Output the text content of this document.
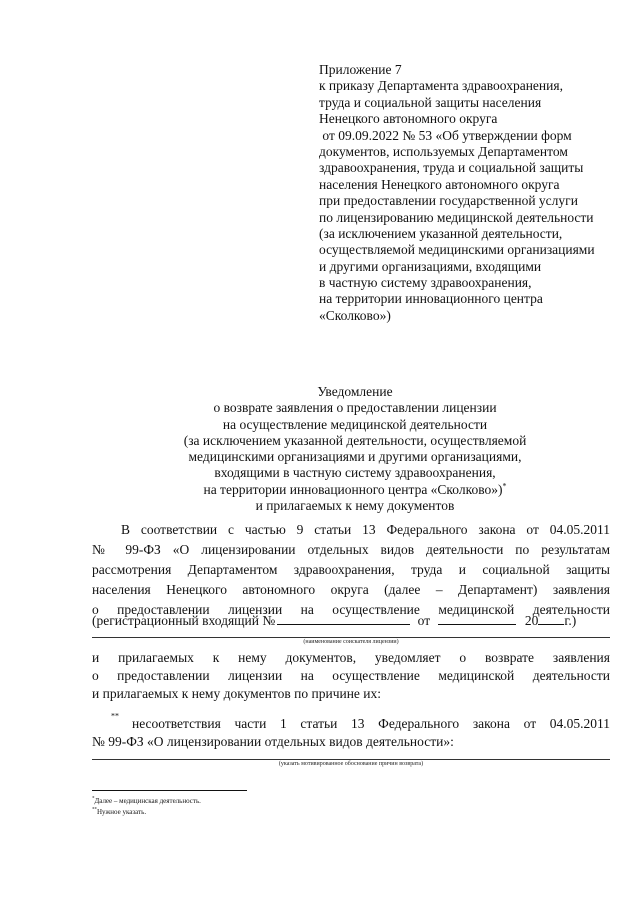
Приложение 7
к приказу Департамента здравоохранения,
труда и социальной защиты населения
Ненецкого автономного округа
от 09.09.2022 № 53 «Об утверждении форм
документов, используемых Департаментом
здравоохранения, труда и социальной защиты
населения Ненецкого автономного округа
при предоставлении государственной услуги
по лицензированию медицинской деятельности
(за исключением указанной деятельности,
осуществляемой медицинскими организациями
и другими организациями, входящими
в частную систему здравоохранения,
на территории инновационного центра
«Сколково»)
Уведомление
о возврате заявления о предоставлении лицензии
на осуществление медицинской деятельности
(за исключением указанной деятельности, осуществляемой
медицинскими организациями и другими организациями,
входящими в частную систему здравоохранения,
на территории инновационного центра «Сколково»)*
и прилагаемых к нему документов
В соответствии с частью 9 статьи 13 Федерального закона от 04.05.2011
№ 99-ФЗ «О лицензировании отдельных видов деятельности по результатам
рассмотрения Департаментом здравоохранения, труда и социальной защиты
населения Ненецкого автономного округа (далее – Департамент) заявления
о предоставлении лицензии на осуществление медицинской деятельности
(регистрационный входящий №	от	20 г.)
(наименование соискателя лицензии)
и прилагаемых к нему документов, уведомляет о возврате заявления
о предоставлении лицензии на осуществление медицинской деятельности
и прилагаемых к нему документов по причине их:
** несоответствия части 1 статьи 13 Федерального закона от 04.05.2011
№ 99-ФЗ «О лицензировании отдельных видов деятельности»:
(указать мотивированное обоснование причин возврата)
*Далее – медицинская деятельность.
**Нужное указать.
